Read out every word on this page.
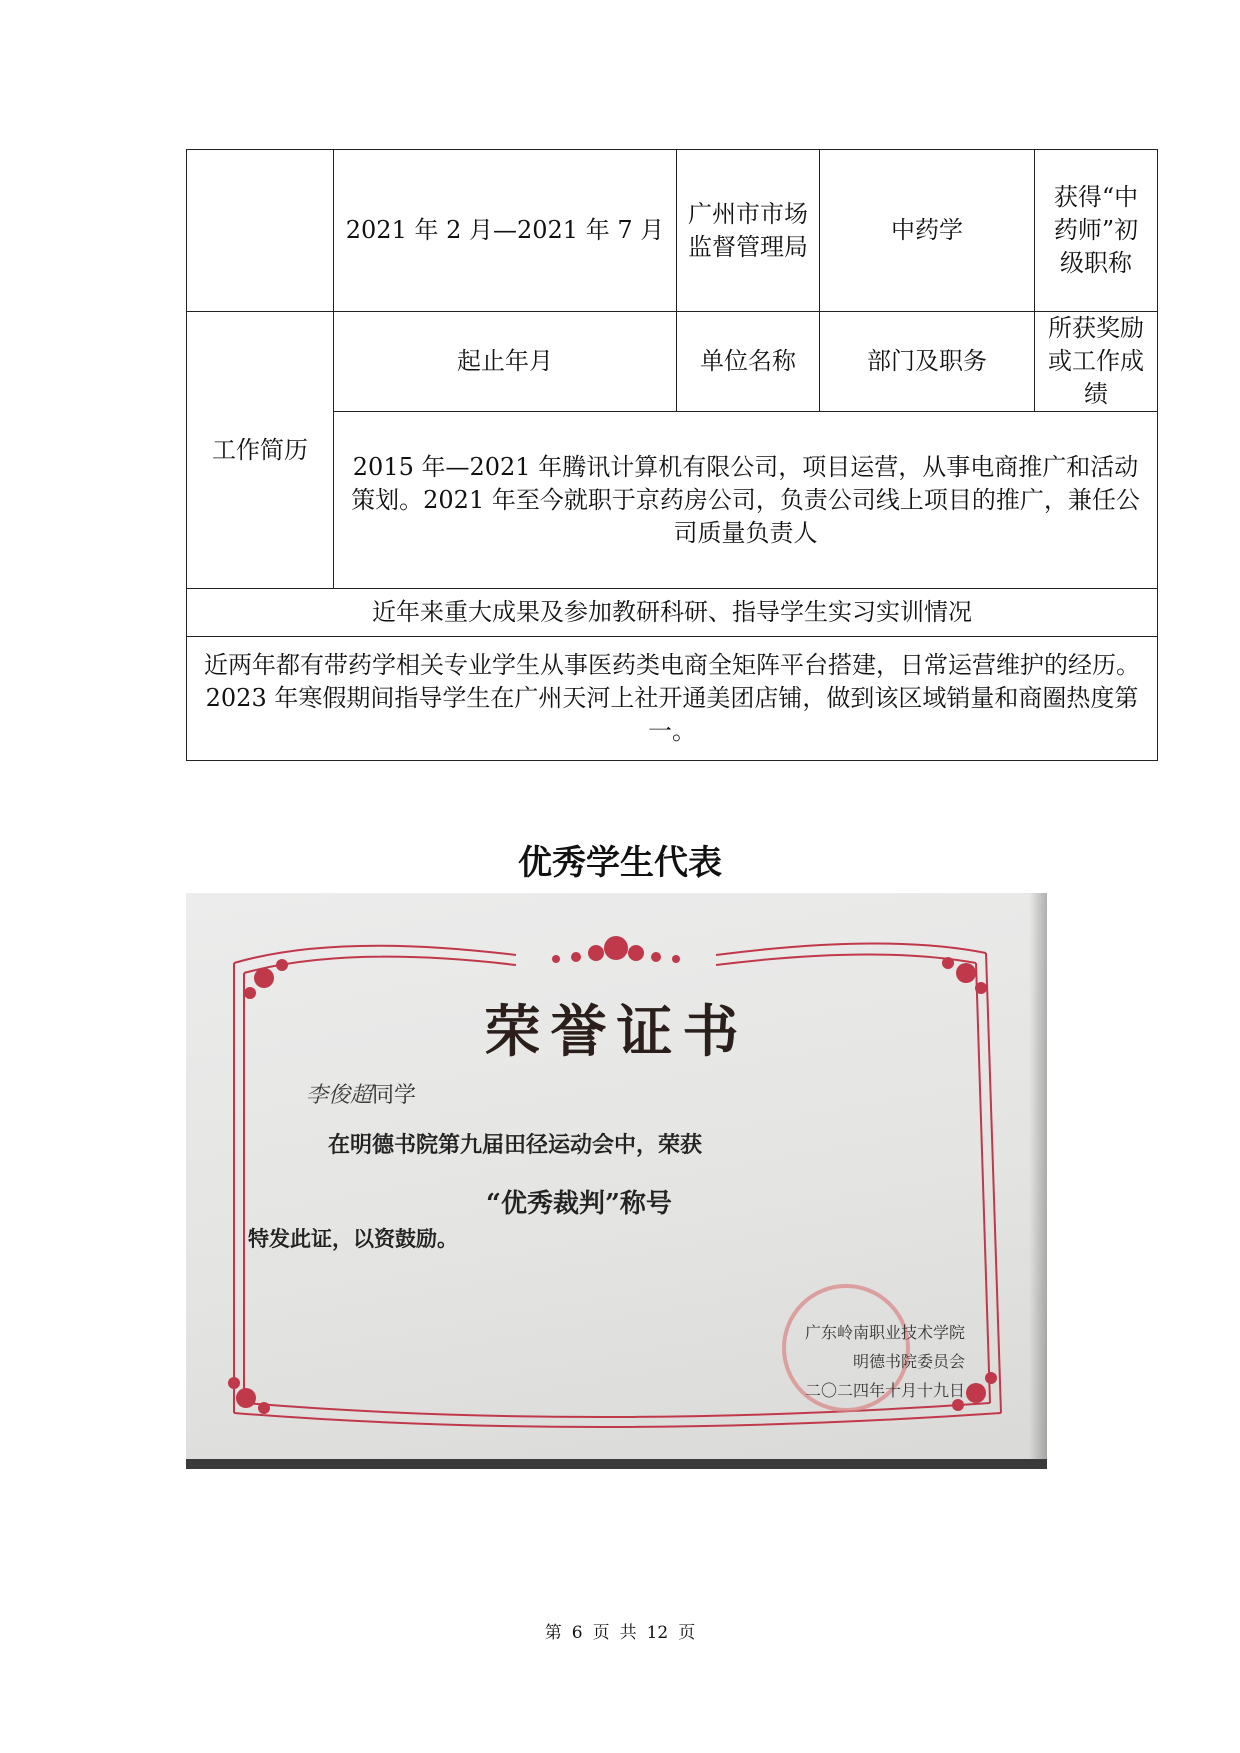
	2021 年 2 月—2021 年 7 月	广州市市场监督管理局	中药学	获得“中药师”初级职称
工作简历	起止年月	单位名称	部门及职务	所获奖励或工作成绩
	2015 年—2021 年腾讯计算机有限公司，项目运营，从事电商推广和活动策划。2021 年至今就职于京药房公司，负责公司线上项目的推广，兼任公司质量负责人			
近年来重大成果及参加教研科研、指导学生实习实训情况				
近两年都有带药学相关专业学生从事医药类电商全矩阵平台搭建，日常运营维护的经历。2023 年寒假期间指导学生在广州天河上社开通美团店铺，做到该区域销量和商圈热度第一。				
优秀学生代表
荣誉证书
李俊超同学
在明德书院第九届田径运动会中，荣获
“优秀裁判”称号
特发此证，以资鼓励。
广东岭南职业技术学院
明德书院委员会
二〇二四年十月十九日
第 6 页 共 12 页
